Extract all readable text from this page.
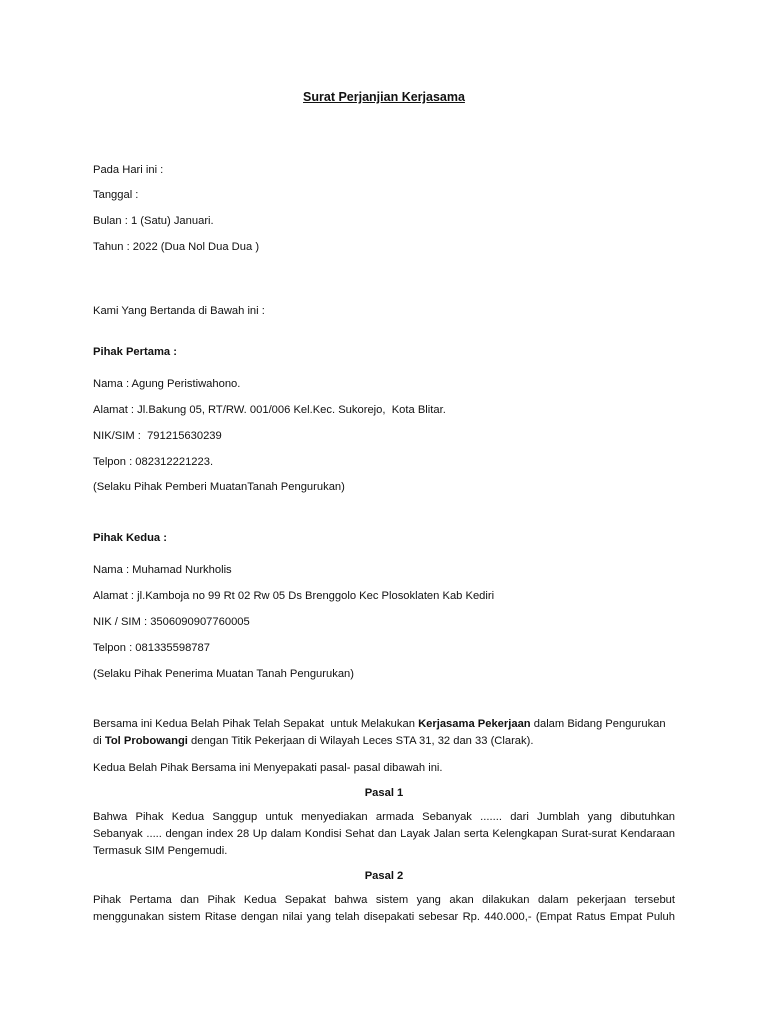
Surat Perjanjian Kerjasama
Pada Hari ini :
Tanggal :
Bulan : 1 (Satu) Januari.
Tahun : 2022 (Dua Nol Dua Dua )
Kami Yang Bertanda di Bawah ini :
Pihak Pertama :
Nama : Agung Peristiwahono.
Alamat : Jl.Bakung 05, RT/RW. 001/006 Kel.Kec. Sukorejo,  Kota Blitar.
NIK/SIM :  791215630239
Telpon : 082312221223.
(Selaku Pihak Pemberi MuatanTanah Pengurukan)
Pihak Kedua :
Nama : Muhamad Nurkholis
Alamat : jl.Kamboja no 99 Rt 02 Rw 05 Ds Brenggolo Kec Plosoklaten Kab Kediri
NIK / SIM : 3506090907760005
Telpon : 081335598787
(Selaku Pihak Penerima Muatan Tanah Pengurukan)
Bersama ini Kedua Belah Pihak Telah Sepakat  untuk Melakukan Kerjasama Pekerjaan dalam Bidang Pengurukan
di Tol Probowangi dengan Titik Pekerjaan di Wilayah Leces STA 31, 32 dan 33 (Clarak).
Kedua Belah Pihak Bersama ini Menyepakati pasal- pasal dibawah ini.
Pasal 1
Bahwa Pihak Kedua Sanggup untuk menyediakan armada Sebanyak ....... dari Jumblah yang dibutuhkan
Sebanyak ..... dengan index 28 Up dalam Kondisi Sehat dan Layak Jalan serta Kelengkapan Surat-surat Kendaraan
Termasuk SIM Pengemudi.
Pasal 2
Pihak Pertama dan Pihak Kedua Sepakat bahwa sistem yang akan dilakukan dalam pekerjaan tersebut
menggunakan sistem Ritase dengan nilai yang telah disepakati sebesar Rp. 440.000,- (Empat Ratus Empat Puluh
